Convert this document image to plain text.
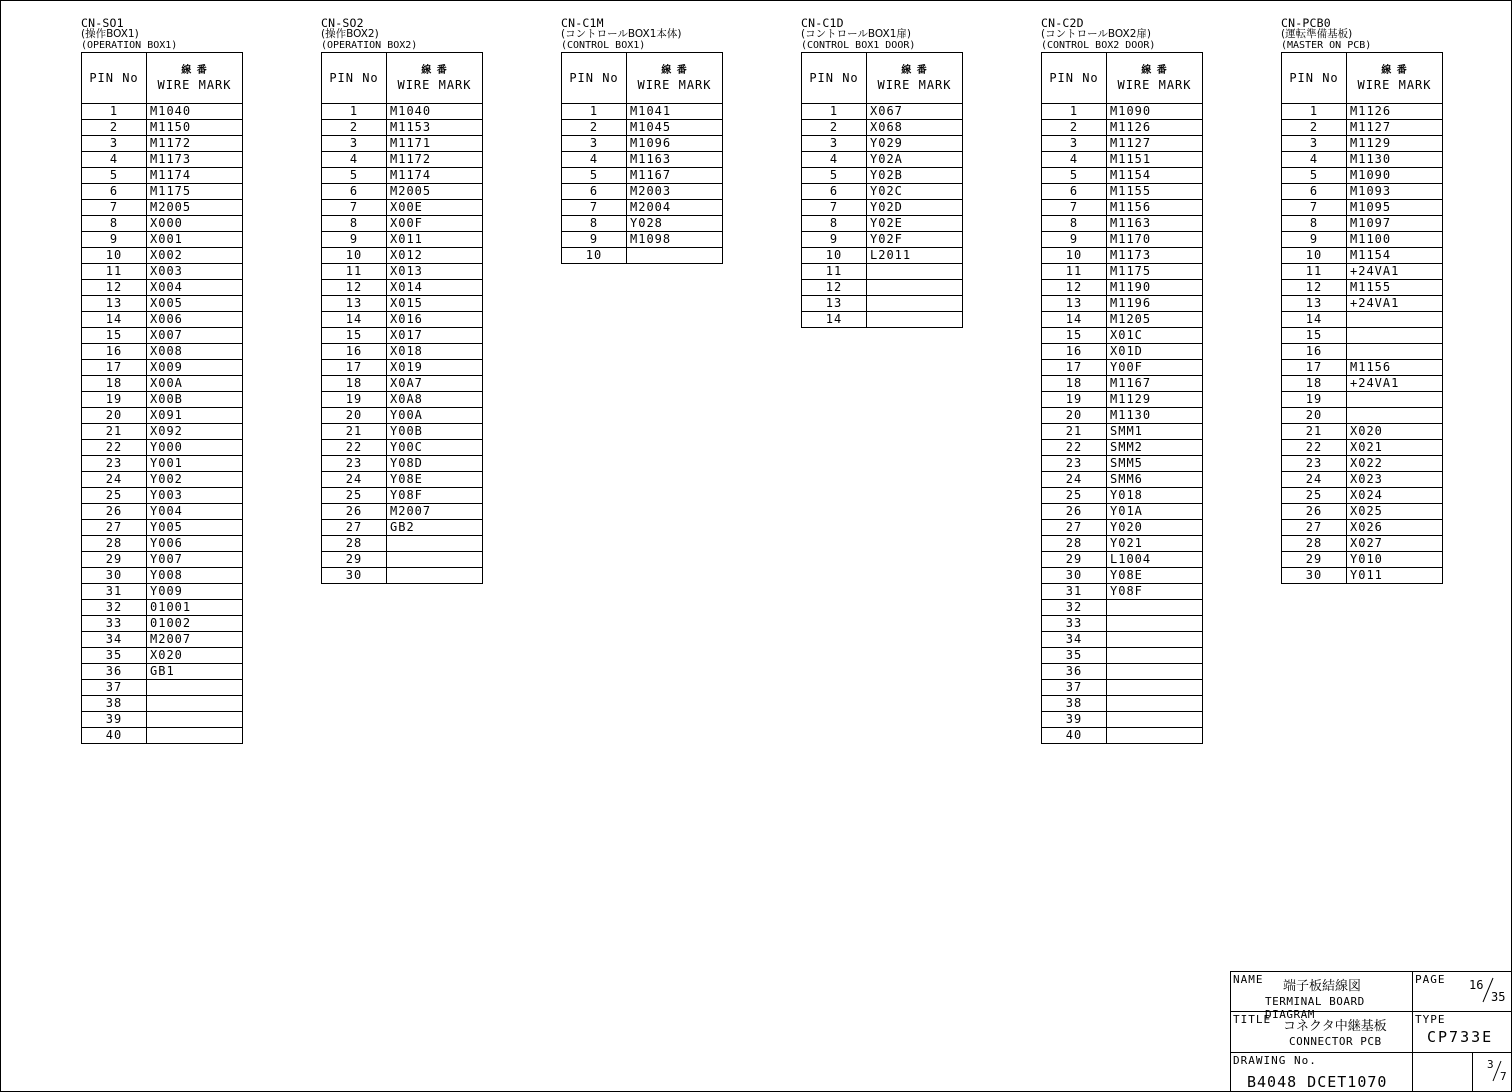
CN-SO1
(操作BOX1)
(OPERATION BOX1)
PIN No	線 番
WIRE MARK

1	M1040
2	M1150
3	M1172
4	M1173
5	M1174
6	M1175
7	M2005
8	X000
9	X001
10	X002
11	X003
12	X004
13	X005
14	X006
15	X007
16	X008
17	X009
18	X00A
19	X00B
20	X091
21	X092
22	Y000
23	Y001
24	Y002
25	Y003
26	Y004
27	Y005
28	Y006
29	Y007
30	Y008
31	Y009
32	01001
33	01002
34	M2007
35	X020
36	GB1
37	
38	
39	
40	
CN-SO2
(操作BOX2)
(OPERATION BOX2)
PIN No	線 番
WIRE MARK

1	M1040
2	M1153
3	M1171
4	M1172
5	M1174
6	M2005
7	X00E
8	X00F
9	X011
10	X012
11	X013
12	X014
13	X015
14	X016
15	X017
16	X018
17	X019
18	X0A7
19	X0A8
20	Y00A
21	Y00B
22	Y00C
23	Y08D
24	Y08E
25	Y08F
26	M2007
27	GB2
28	
29	
30	
CN-C1M
(コントロールBOX1本体)
(CONTROL BOX1)
PIN No	線 番
WIRE MARK

1	M1041
2	M1045
3	M1096
4	M1163
5	M1167
6	M2003
7	M2004
8	Y028
9	M1098
10	
CN-C1D
(コントロールBOX1扉)
(CONTROL BOX1 DOOR)
PIN No	線 番
WIRE MARK

1	X067
2	X068
3	Y029
4	Y02A
5	Y02B
6	Y02C
7	Y02D
8	Y02E
9	Y02F
10	L2011
11	
12	
13	
14	
CN-C2D
(コントロールBOX2扉)
(CONTROL BOX2 DOOR)
PIN No	線 番
WIRE MARK

1	M1090
2	M1126
3	M1127
4	M1151
5	M1154
6	M1155
7	M1156
8	M1163
9	M1170
10	M1173
11	M1175
12	M1190
13	M1196
14	M1205
15	X01C
16	X01D
17	Y00F
18	M1167
19	M1129
20	M1130
21	SMM1
22	SMM2
23	SMM5
24	SMM6
25	Y018
26	Y01A
27	Y020
28	Y021
29	L1004
30	Y08E
31	Y08F
32	
33	
34	
35	
36	
37	
38	
39	
40	
CN-PCB0
(運転準備基板)
(MASTER ON PCB)
PIN No	線 番
WIRE MARK

1	M1126
2	M1127
3	M1129
4	M1130
5	M1090
6	M1093
7	M1095
8	M1097
9	M1100
10	M1154
11	+24VA1
12	M1155
13	+24VA1
14	
15	
16	
17	M1156
18	+24VA1
19	
20	
21	X020
22	X021
23	X022
24	X023
25	X024
26	X025
27	X026
28	X027
29	Y010
30	Y011
NAME 端子板結線図
TERMINAL BOARD DIAGRAM
PAGE 16
35
TITLE コネクタ中継基板
CONNECTOR PCB
TYPE
CP733E
DRAWING No.
B4048 DCET1070
3
7
